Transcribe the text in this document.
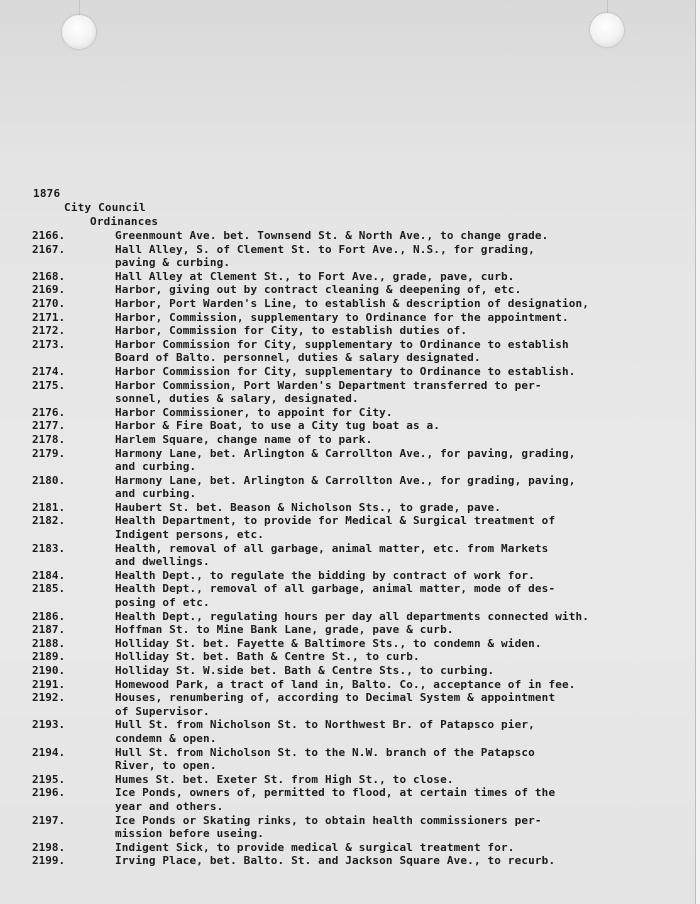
1876
City Council
Ordinances
2166.	Greenmount Ave. bet. Townsend St. & North Ave., to change grade.
2167.	Hall Alley, S. of Clement St. to Fort Ave., N.S., for grading,
paving & curbing.
2168.	Hall Alley at Clement St., to Fort Ave., grade, pave, curb.
2169.	Harbor, giving out by contract cleaning & deepening of, etc.
2170.	Harbor, Port Warden's Line, to establish & description of designation,
2171.	Harbor, Commission, supplementary to Ordinance for the appointment.
2172.	Harbor, Commission for City, to establish duties of.
2173.	Harbor Commission for City, supplementary to Ordinance to establish
Board of Balto. personnel, duties & salary designated.
2174.	Harbor Commission for City, supplementary to Ordinance to establish.
2175.	Harbor Commission, Port Warden's Department transferred to per-
sonnel, duties & salary, designated.
2176.	Harbor Commissioner, to appoint for City.
2177.	Harbor & Fire Boat, to use a City tug boat as a.
2178.	Harlem Square, change name of to park.
2179.	Harmony Lane, bet. Arlington & Carrollton Ave., for paving, grading,
and curbing.
2180.	Harmony Lane, bet. Arlington & Carrollton Ave., for grading, paving,
and curbing.
2181.	Haubert St. bet. Beason & Nicholson Sts., to grade, pave.
2182.	Health Department, to provide for Medical & Surgical treatment of
Indigent persons, etc.
2183.	Health, removal of all garbage, animal matter, etc. from Markets
and dwellings.
2184.	Health Dept., to regulate the bidding by contract of work for.
2185.	Health Dept., removal of all garbage, animal matter, mode of des-
posing of etc.
2186.	Health Dept., regulating hours per day all departments connected with.
2187.	Hoffman St. to Mine Bank Lane, grade, pave & curb.
2188.	Holliday St. bet. Fayette & Baltimore Sts., to condemn & widen.
2189.	Holliday St. bet. Bath & Centre St., to curb.
2190.	Holliday St. W.side bet. Bath & Centre Sts., to curbing.
2191.	Homewood Park, a tract of land in, Balto. Co., acceptance of in fee.
2192.	Houses, renumbering of, according to Decimal System & appointment
of Supervisor.
2193.	Hull St. from Nicholson St. to Northwest Br. of Patapsco pier,
condemn & open.
2194.	Hull St. from Nicholson St. to the N.W. branch of the Patapsco
River, to open.
2195.	Humes St. bet. Exeter St. from High St., to close.
2196.	Ice Ponds, owners of, permitted to flood, at certain times of the
year and others.
2197.	Ice Ponds or Skating rinks, to obtain health commissioners per-
mission before useing.
2198.	Indigent Sick, to provide medical & surgical treatment for.
2199.	Irving Place, bet. Balto. St. and Jackson Square Ave., to recurb.
